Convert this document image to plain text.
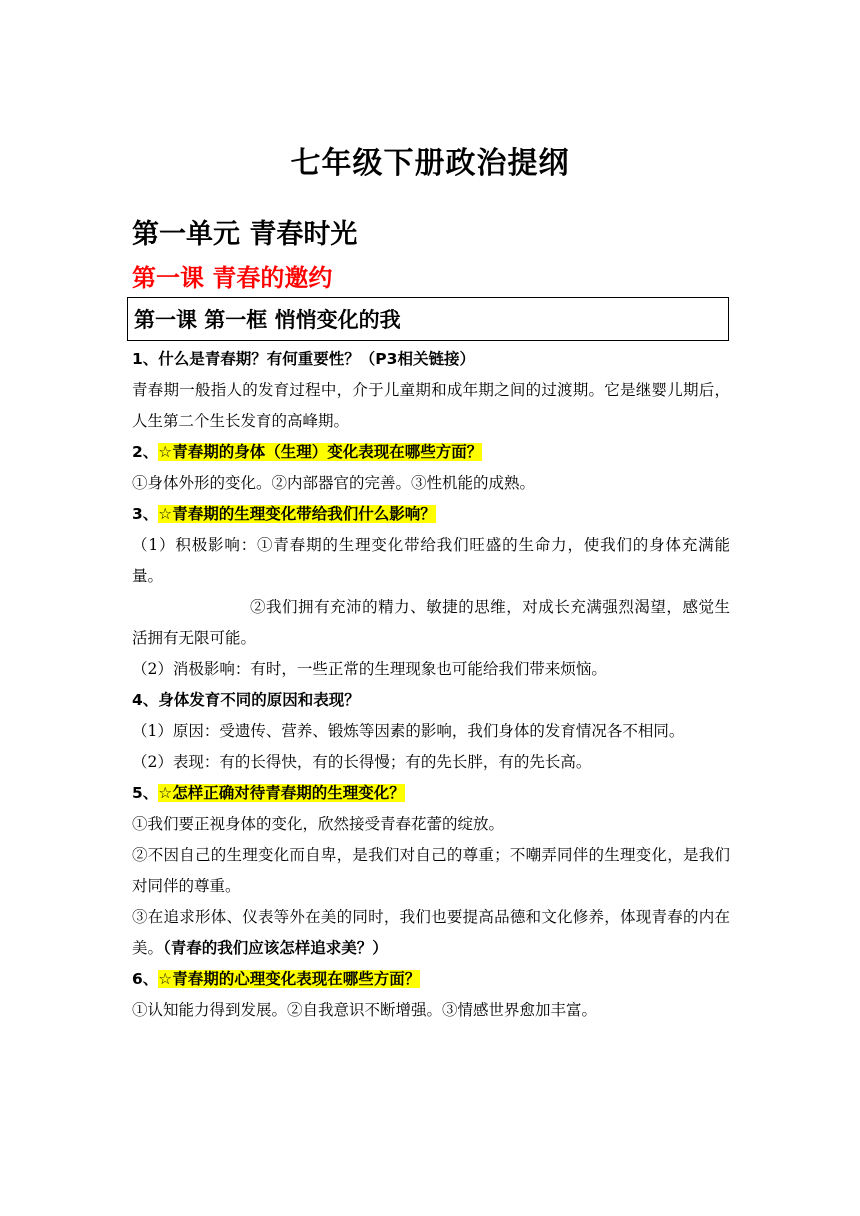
七年级下册政治提纲
第一单元 青春时光
第一课 青春的邀约
第一课 第一框 悄悄变化的我

1、什么是青春期？有何重要性？（P3相关链接）

青春期一般指人的发育过程中，介于儿童期和成年期之间的过渡期。它是继婴儿期后，人生第二个生长发育的高峰期。

2、☆青春期的身体（生理）变化表现在哪些方面？

①身体外形的变化。②内部器官的完善。③性机能的成熟。

3、☆青春期的生理变化带给我们什么影响？

（1）积极影响：①青春期的生理变化带给我们旺盛的生命力，使我们的身体充满能量。

②我们拥有充沛的精力、敏捷的思维，对成长充满强烈渴望，感觉生活拥有无限可能。

（2）消极影响：有时，一些正常的生理现象也可能给我们带来烦恼。

4、身体发育不同的原因和表现？

（1）原因：受遗传、营养、锻炼等因素的影响，我们身体的发育情况各不相同。

（2）表现：有的长得快，有的长得慢；有的先长胖，有的先长高。

5、☆怎样正确对待青春期的生理变化？

①我们要正视身体的变化，欣然接受青春花蕾的绽放。

②不因自己的生理变化而自卑，是我们对自己的尊重；不嘲弄同伴的生理变化，是我们对同伴的尊重。

③在追求形体、仪表等外在美的同时，我们也要提高品德和文化修养，体现青春的内在美。（青春的我们应该怎样追求美？）

6、☆青春期的心理变化表现在哪些方面？

①认知能力得到发展。②自我意识不断增强。③情感世界愈加丰富。
